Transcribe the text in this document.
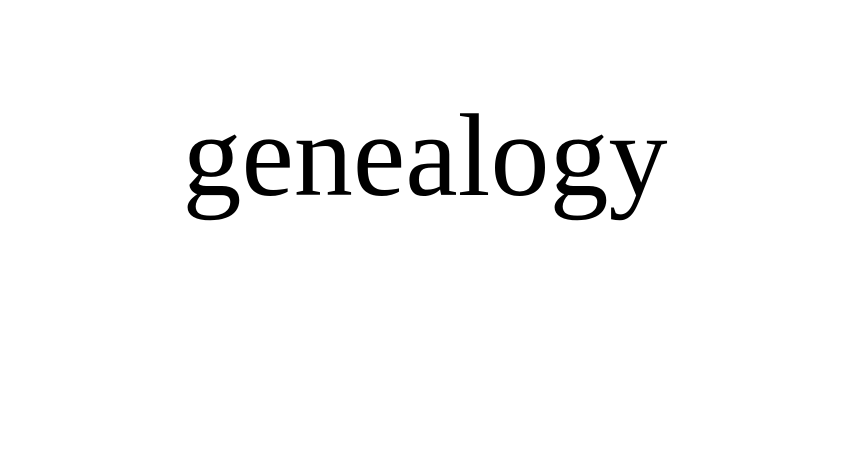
genealogy
